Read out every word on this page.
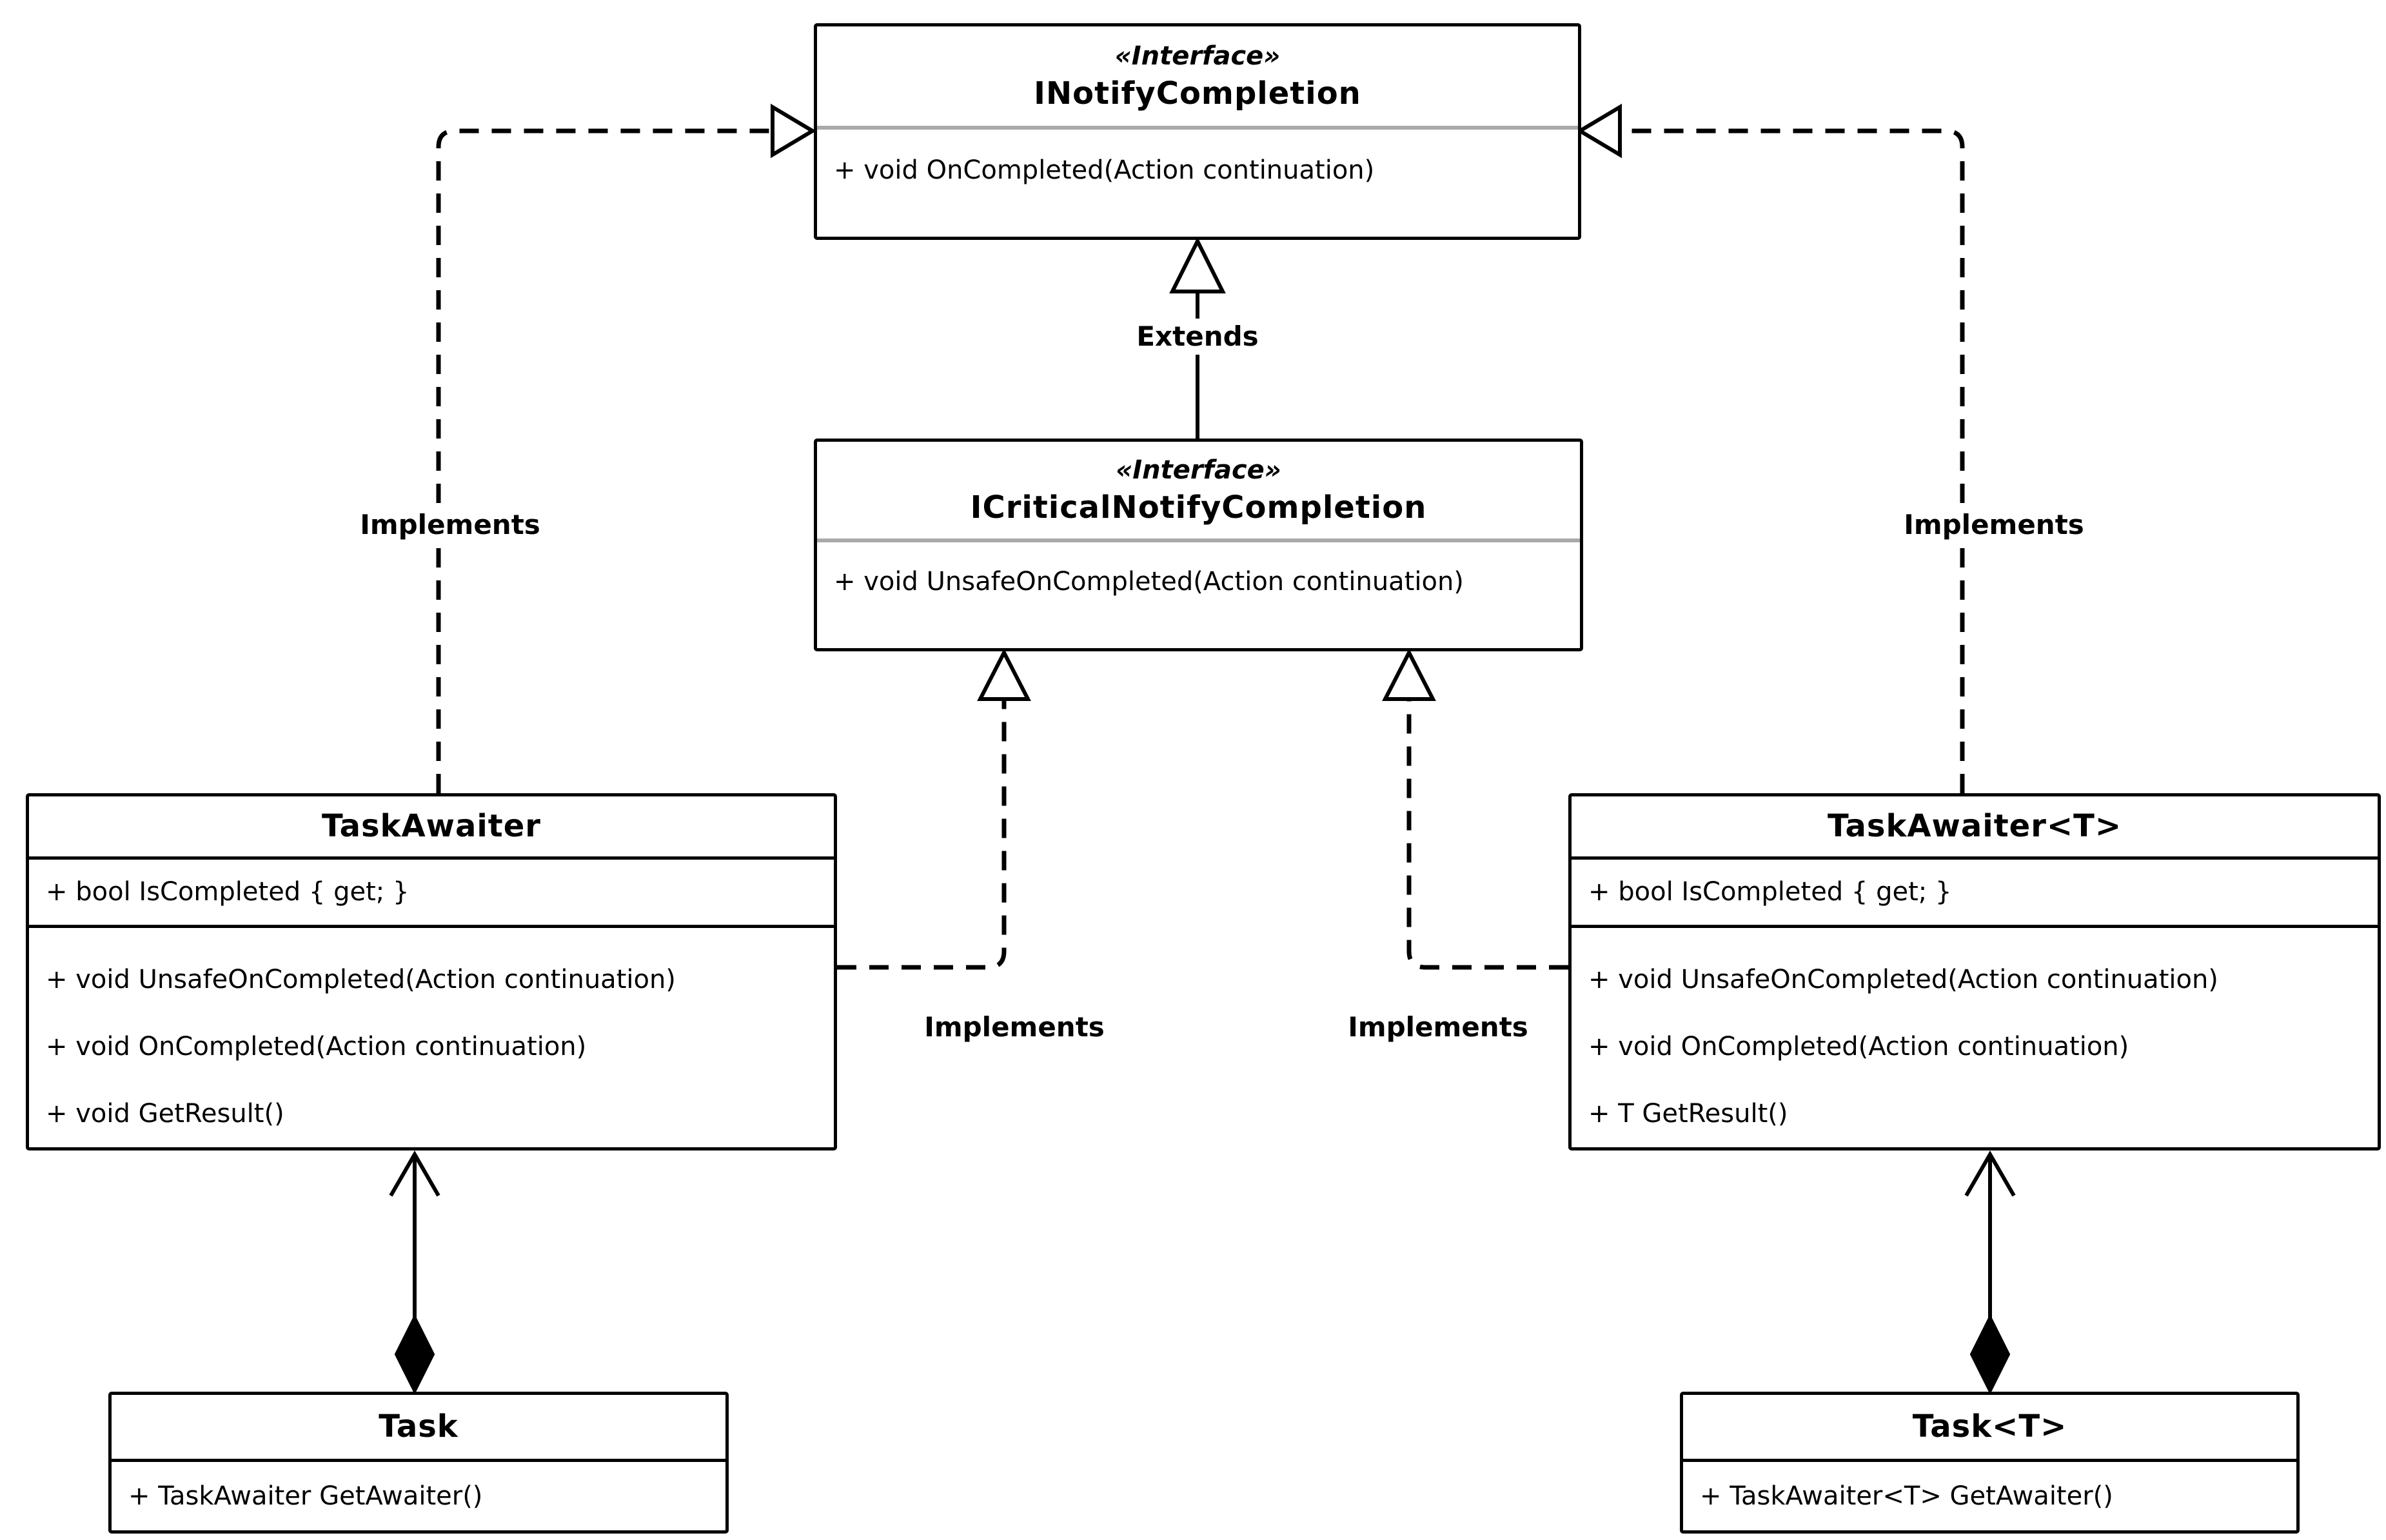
«Interface»
INotifyCompletion
+ void OnCompleted(Action continuation)
«Interface»
ICriticalNotifyCompletion
+ void UnsafeOnCompleted(Action continuation)
TaskAwaiter
+ bool IsCompleted { get; }
+ void UnsafeOnCompleted(Action continuation)
+ void OnCompleted(Action continuation)
+ void GetResult()
TaskAwaiter<T>
+ bool IsCompleted { get; }
+ void UnsafeOnCompleted(Action continuation)
+ void OnCompleted(Action continuation)
+ T GetResult()
Task
+ TaskAwaiter GetAwaiter()
Task<T>
+ TaskAwaiter<T> GetAwaiter()
Extends
Implements	Implements
Implements	Implements
